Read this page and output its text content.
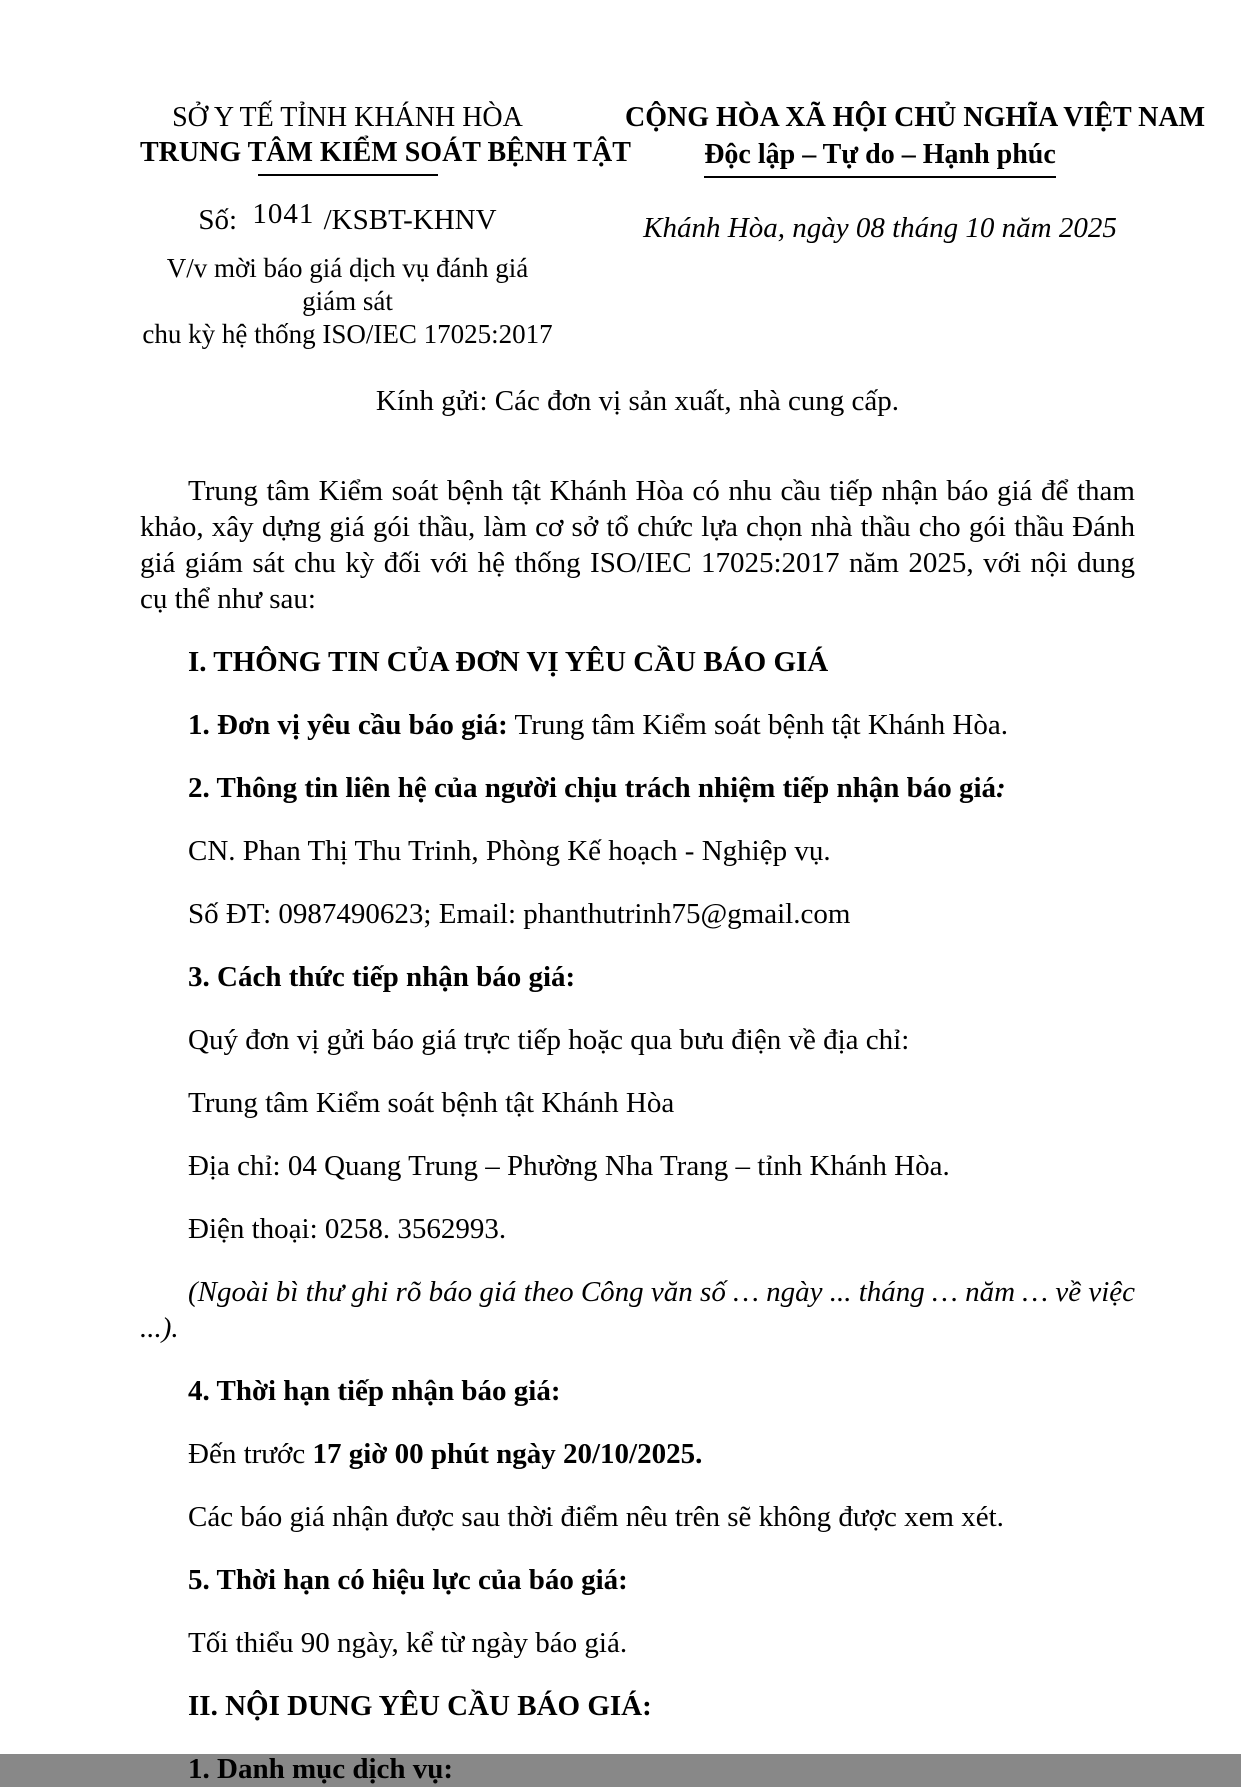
SỞ Y TẾ TỈNH KHÁNH HÒA
TRUNG TÂM KIỂM SOÁT BỆNH TẬT
Số: 1041 /KSBT-KHNV
V/v mời báo giá dịch vụ đánh giá giám sát
chu kỳ hệ thống ISO/IEC 17025:2017
CỘNG HÒA XÃ HỘI CHỦ NGHĨA VIỆT NAM
Độc lập – Tự do – Hạnh phúc
Khánh Hòa, ngày 08 tháng 10 năm 2025
Kính gửi: Các đơn vị sản xuất, nhà cung cấp.

Trung tâm Kiểm soát bệnh tật Khánh Hòa có nhu cầu tiếp nhận báo giá để tham khảo, xây dựng giá gói thầu, làm cơ sở tổ chức lựa chọn nhà thầu cho gói thầu Đánh giá giám sát chu kỳ đối với hệ thống ISO/IEC 17025:2017 năm 2025, với nội dung cụ thể như sau:

I. THÔNG TIN CỦA ĐƠN VỊ YÊU CẦU BÁO GIÁ

1. Đơn vị yêu cầu báo giá: Trung tâm Kiểm soát bệnh tật Khánh Hòa.

2. Thông tin liên hệ của người chịu trách nhiệm tiếp nhận báo giá:

CN. Phan Thị Thu Trinh, Phòng Kế hoạch - Nghiệp vụ.

Số ĐT: 0987490623; Email: phanthutrinh75@gmail.com

3. Cách thức tiếp nhận báo giá:

Quý đơn vị gửi báo giá trực tiếp hoặc qua bưu điện về địa chỉ:

Trung tâm Kiểm soát bệnh tật Khánh Hòa

Địa chỉ: 04 Quang Trung – Phường Nha Trang – tỉnh Khánh Hòa.

Điện thoại: 0258. 3562993.

(Ngoài bì thư ghi rõ báo giá theo Công văn số … ngày ... tháng … năm … về việc ...).

4. Thời hạn tiếp nhận báo giá:

Đến trước 17 giờ 00 phút ngày 20/10/2025.

Các báo giá nhận được sau thời điểm nêu trên sẽ không được xem xét.

5. Thời hạn có hiệu lực của báo giá:

Tối thiểu 90 ngày, kể từ ngày báo giá.

II. NỘI DUNG YÊU CẦU BÁO GIÁ:

1. Danh mục dịch vụ:
